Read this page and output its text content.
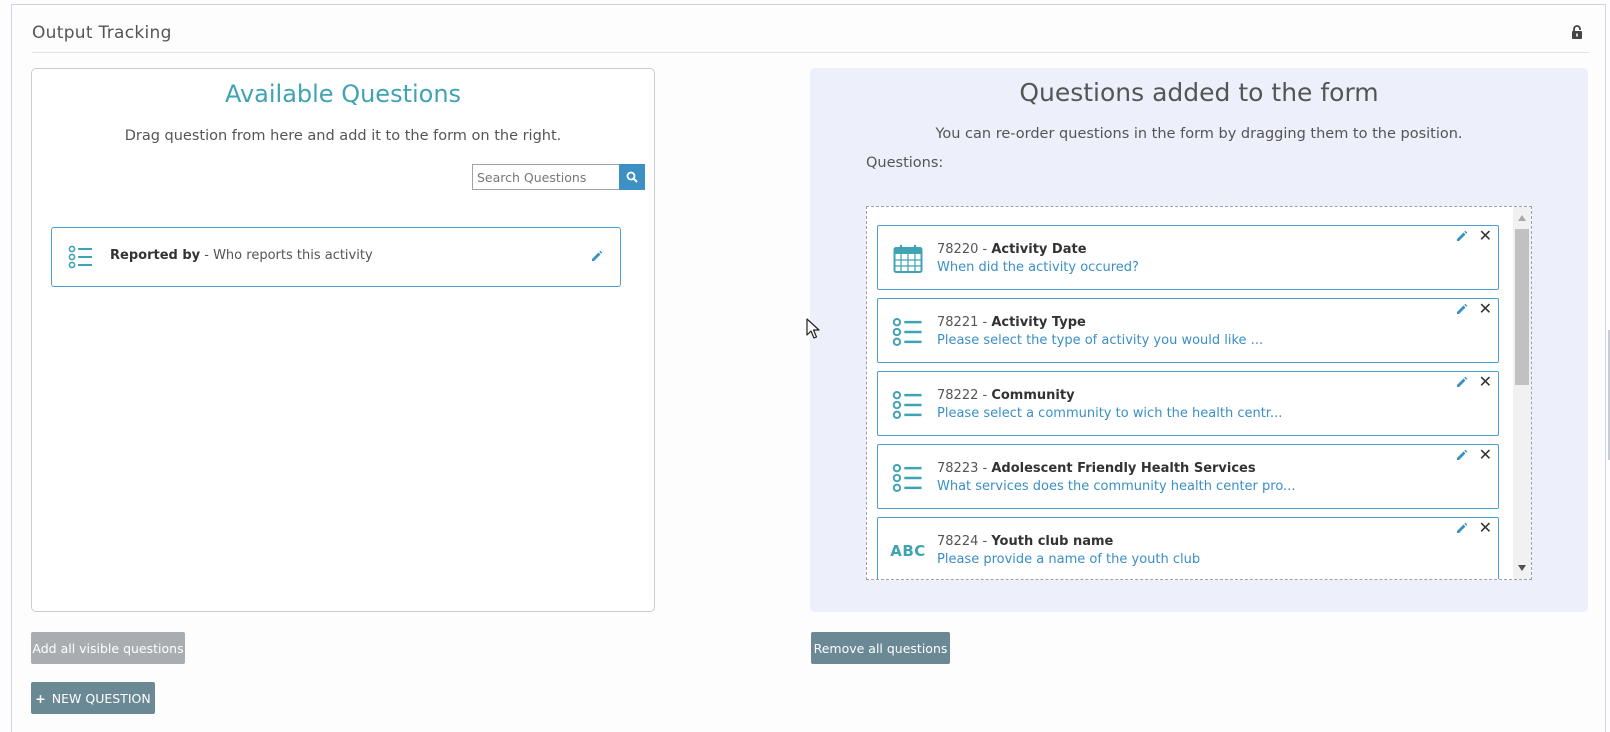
Output Tracking
Available Questions
Drag question from here and add it to the form on the right.
Search Questions
Reported by - Who reports this activity
Questions added to the form
You can re-order questions in the form by dragging them to the position.
Questions:
78220 - Activity Date
When did the activity occured?
✕
78221 - Activity Type
Please select the type of activity you would like ...
✕
78222 - Community
Please select a community to wich the health centr...
✕
78223 - Adolescent Friendly Health Services
What services does the community health center pro...
✕
ABC
78224 - Youth club name
Please provide a name of the youth club
✕
Add all visible questions	Remove all questions
+ NEW QUESTION
